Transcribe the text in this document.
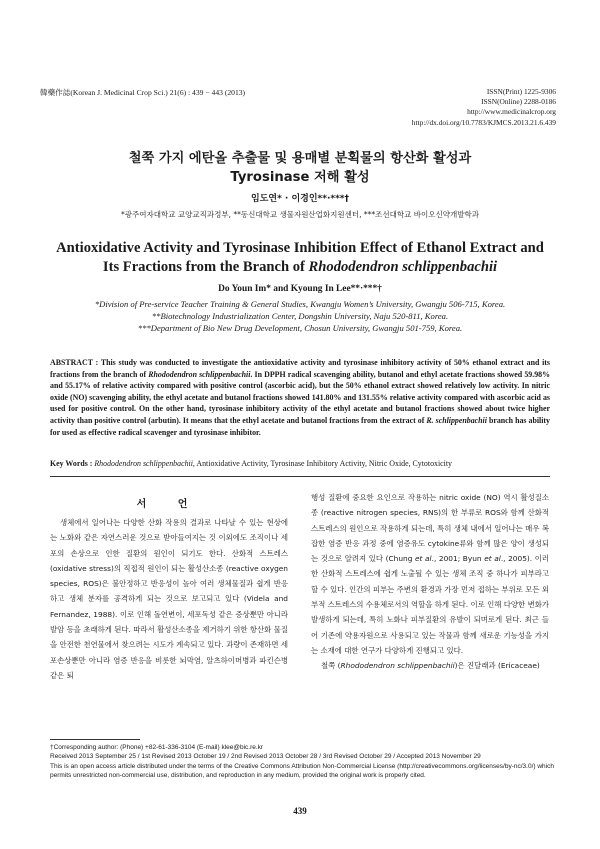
韓藥作誌(Korean J. Medicinal Crop Sci.) 21(6) : 439 − 443 (2013)	ISSN(Print) 1225-9306
ISSN(Online) 2288-0186
http://www.medicinalcrop.org
http://dx.doi.org/10.7783/KJMCS.2013.21.6.439
철쭉 가지 에탄올 추출물 및 용매별 분획물의 항산화 활성과
Tyrosinase 저해 활성
임도연* · 이경인**·***†
*광주여자대학교 교양교직과정부, **동신대학교 생물자원산업화지원센터, ***조선대학교 바이오신약개발학과
Antioxidative Activity and Tyrosinase Inhibition Effect of Ethanol Extract and
Its Fractions from the Branch of Rhododendron schlippenbachii
Do Youn Im* and Kyoung In Lee**·***†
*Division of Pre-service Teacher Training & General Studies, Kwangju Women’s University, Gwangju 506-715, Korea.
**Biotechnology Industrialization Center, Dongshin University, Naju 520-811, Korea.
***Department of Bio New Drug Development, Chosun University, Gwangju 501-759, Korea.
ABSTRACT : This study was conducted to investigate the antioxidative activity and tyrosinase inhibitory activity of 50% ethanol extract and its fractions from the branch of Rhododendron schlippenbachii. In DPPH radical scavenging ability, butanol and ethyl acetate fractions showed 59.98% and 55.17% of relative activity compared with positive control (ascorbic acid), but the 50% ethanol extract showed relatively low activity. In nitric oxide (NO) scavenging ability, the ethyl acetate and butanol fractions showed 141.80% and 131.55% relative activity compared with ascorbic acid as used for positive control. On the other hand, tyrosinase inhibitory activity of the ethyl acetate and butanol fractions showed about twice higher activity than positive control (arbutin). It means that the ethyl acetate and butanol fractions from the extract of R. schlippenbachii branch has ability for used as effective radical scavenger and tyrosinase inhibitor.
Key Words : Rhododendron schlippenbachii, Antioxidative Activity, Tyrosinase Inhibitory Activity, Nitric Oxide, Cytotoxicity
서 언
생체에서 일어나는 다양한 산화 작용의 결과로 나타날 수 있는 현상에는 노화와 같은 자연스러운 것으로 받아들여지는 것 이외에도 조직이나 세포의 손상으로 인한 질환의 원인이 되기도 한다. 산화적 스트레스 (oxidative stress)의 직접적 원인이 되는 활성산소종 (reactive oxygen species, ROS)은 불안정하고 반응성이 높아 여러 생체물질과 쉽게 반응하고 생체 분자를 공격하게 되는 것으로 보고되고 있다 (Videla and Fernandez, 1988). 이로 인해 돌연변이, 세포독성 같은 증상뿐만 아니라 발암 등을 초래하게 된다. 따라서 활성산소종을 제거하기 위한 항산화 물질을 안전한 천연물에서 찾으려는 시도가 계속되고 있다. 과량이 존재하면 세포손상뿐만 아니라 염증 반응을 비롯한 뇌막염, 알츠하이머병과 파킨슨병 같은 퇴
행성 질환에 중요한 요인으로 작용하는 nitric oxide (NO) 역시 활성질소종 (reactive nitrogen species, RNS)의 한 부류로 ROS와 함께 산화적 스트레스의 원인으로 작용하게 되는데, 특히 생체 내에서 일어나는 매우 복잡한 염증 반응 과정 중에 염증유도 cytokine류와 함께 많은 양이 생성되는 것으로 알려져 있다 (Chung et al., 2001; Byun et al., 2005). 이러한 산화적 스트레스에 쉽게 노출될 수 있는 생체 조직 중 하나가 피부라고 할 수 있다. 인간의 피부는 주변의 환경과 가장 먼저 접하는 부위로 모든 외부적 스트레스의 수용체로서의 역할을 하게 된다. 이로 인해 다양한 변화가 발생하게 되는데, 특히 노화나 피부질환의 유발이 되며로게 된다. 최근 들어 기존에 약용자원으로 사용되고 있는 작물과 함께 새로운 기능성을 가지는 소재에 대한 연구가 다양하게 진행되고 있다.
철쭉 (Rhododendron schlippenbachii)은 진달래과 (Ericaceae)
†Corresponding author: (Phone) +82-61-336-3104 (E-mail) klee@bic.re.kr
Received 2013 September 25 / 1st Revised 2013 October 19 / 2nd Revised 2013 October 28 / 3rd Revised October 29 / Accepted 2013 November 29
This is an open access article distributed under the terms of the Creative Commons Attribution Non-Commercial License (http://creativecommons.org/licenses/by-nc/3.0/) which permits unrestricted non-commercial use, distribution, and reproduction in any medium, provided the original work is properly cited.
439
